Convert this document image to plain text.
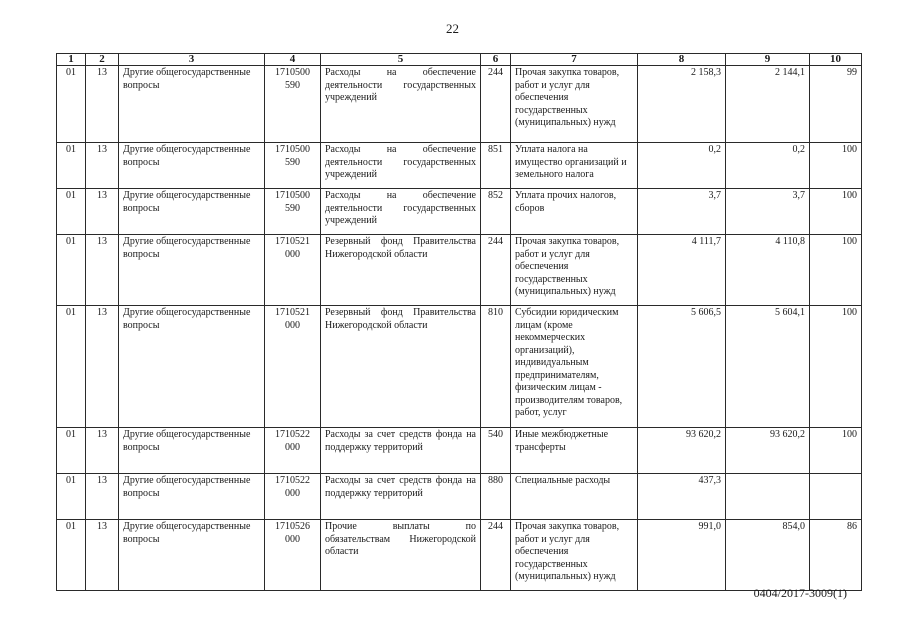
22
1	2	3	4	5	6	7	8	9	10
01	13	Другие общегосударственные вопросы	1710500 590	Расходы на обеспечение деятельности государственных учреждений	244	Прочая закупка товаров, работ и услуг для обеспечения государственных (муниципальных) нужд	2 158,3	2 144,1	99
01	13	Другие общегосударственные вопросы	1710500 590	Расходы на обеспечение деятельности государственных учреждений	851	Уплата налога на имущество организаций и земельного налога	0,2	0,2	100
01	13	Другие общегосударственные вопросы	1710500 590	Расходы на обеспечение деятельности государственных учреждений	852	Уплата прочих налогов, сборов	3,7	3,7	100
01	13	Другие общегосударственные вопросы	1710521 000	Резервный фонд Правительства Нижегородской области	244	Прочая закупка товаров, работ и услуг для обеспечения государственных (муниципальных) нужд	4 111,7	4 110,8	100
01	13	Другие общегосударственные вопросы	1710521 000	Резервный фонд Правительства Нижегородской области	810	Субсидии юридическим лицам (кроме некоммерческих организаций), индивидуальным предпринимателям, физическим лицам - производителям товаров, работ, услуг	5 606,5	5 604,1	100
01	13	Другие общегосударственные вопросы	1710522 000	Расходы за счет средств фонда на поддержку территорий	540	Иные межбюджетные трансферты	93 620,2	93 620,2	100
01	13	Другие общегосударственные вопросы	1710522 000	Расходы за счет средств фонда на поддержку территорий	880	Специальные расходы	437,3		
01	13	Другие общегосударственные вопросы	1710526 000	Прочие выплаты по обязательствам Нижегородской области	244	Прочая закупка товаров, работ и услуг для обеспечения государственных (муниципальных) нужд	991,0	854,0	86
0404/2017-3009(1)
